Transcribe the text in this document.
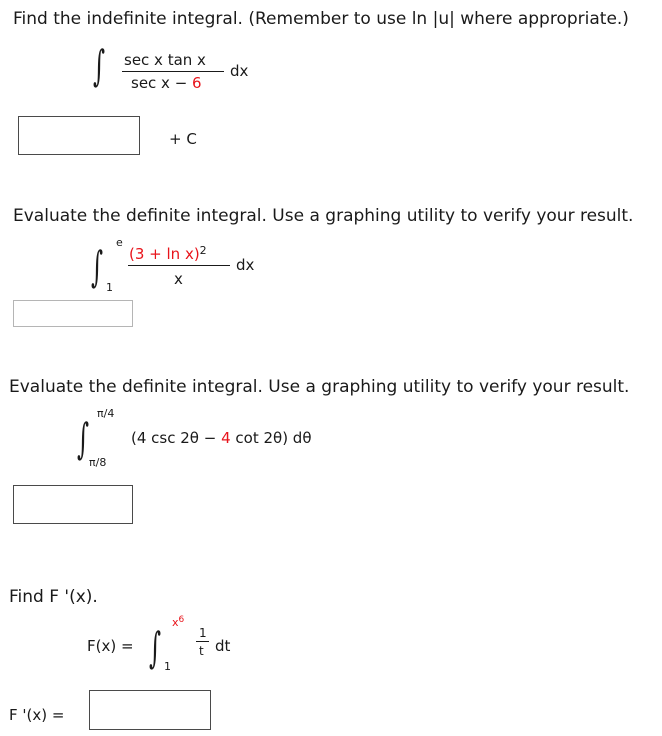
Find the indefinite integral. (Remember to use ln |u| where appropriate.)
∫ sec x tan x
sec x − 6
dx
+ C
Evaluate the definite integral. Use a graphing utility to verify your result.
∫ e
1
$(3 + \ln x)^2$
x
dx
Evaluate the definite integral. Use a graphing utility to verify your result.
∫
π/4
π/8
(4 csc 2θ − 4 cot 2θ) dθ
Find F '(x).
F(x) = ∫
$x^6$
1
1
t dt
F '(x) =
